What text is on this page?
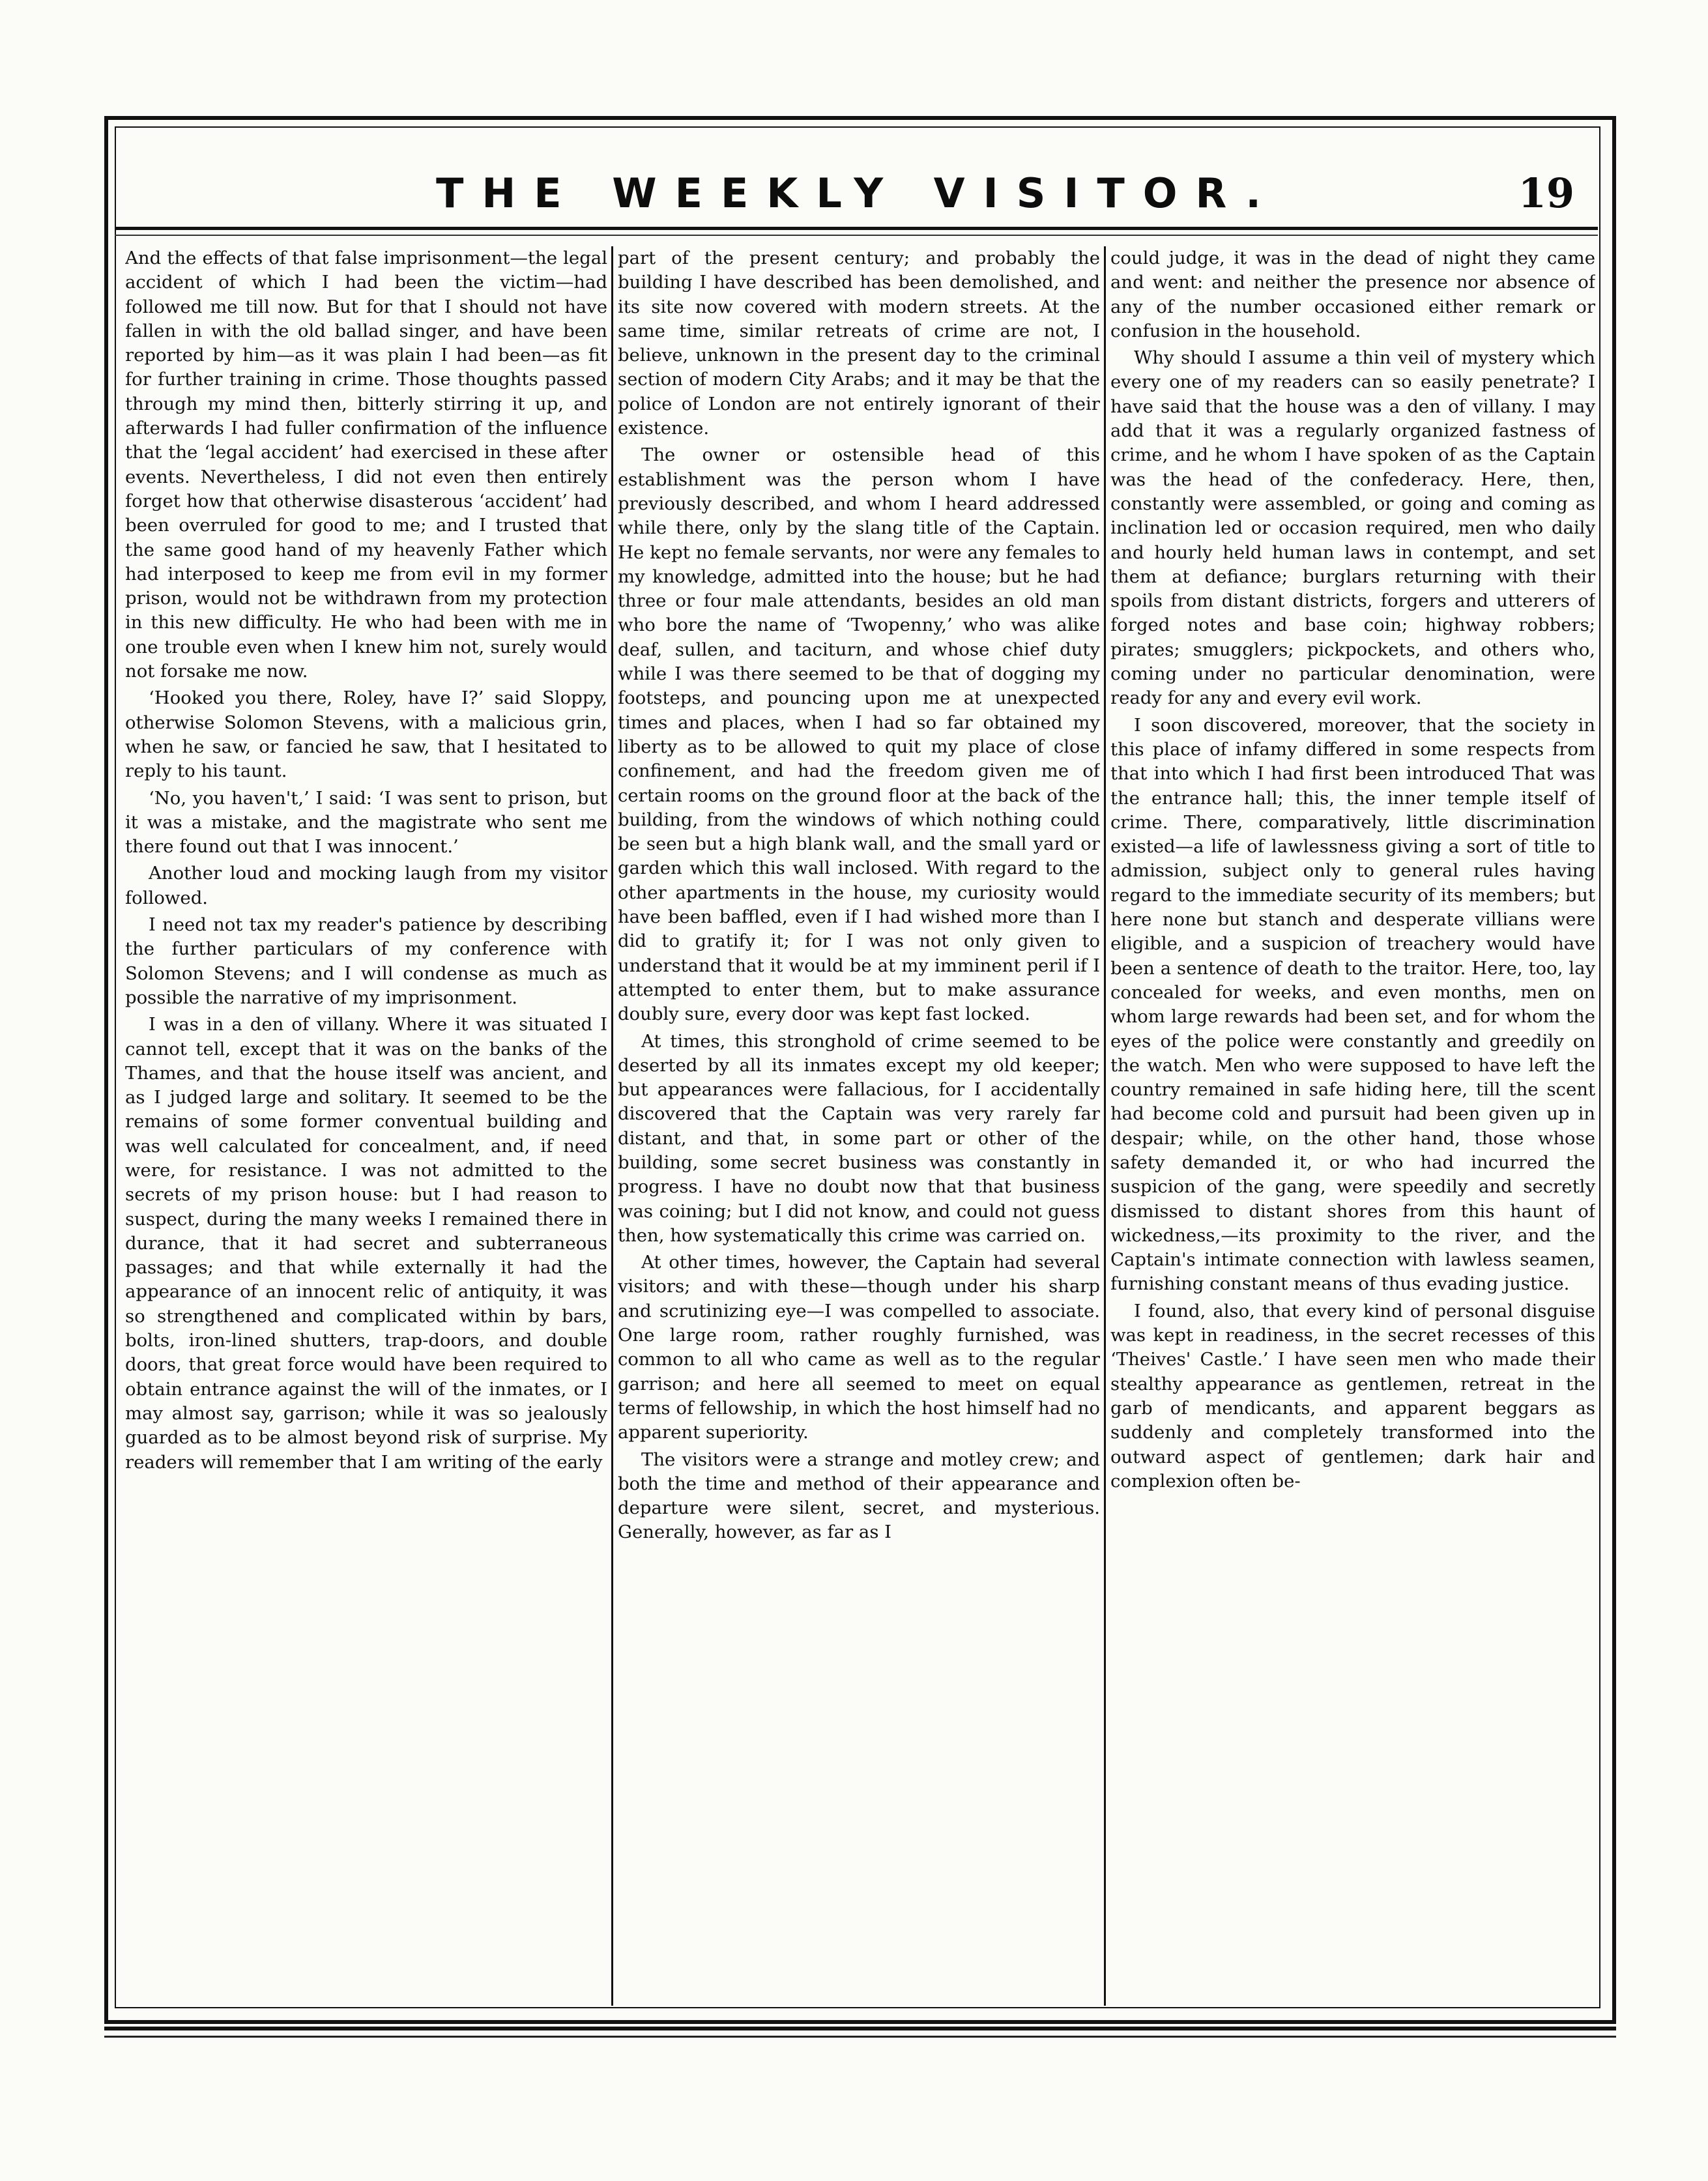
THE WEEKLY VISITOR.	19

And the effects of that false imprisonment—the legal accident of which I had been the victim—had followed me till now. But for that I should not have fallen in with the old ballad singer, and have been reported by him—as it was plain I had been—as fit for further training in crime. Those thoughts passed through my mind then, bitterly stirring it up, and afterwards I had fuller confirmation of the influence that the ‘legal accident’ had exercised in these after events. Nevertheless, I did not even then entirely forget how that otherwise disasterous ‘accident’ had been overruled for good to me; and I trusted that the same good hand of my heavenly Father which had interposed to keep me from evil in my former prison, would not be withdrawn from my protection in this new difficulty. He who had been with me in one trouble even when I knew him not, surely would not forsake me now.

‘Hooked you there, Roley, have I?’ said Sloppy, otherwise Solomon Stevens, with a malicious grin, when he saw, or fancied he saw, that I hesitated to reply to his taunt.

‘No, you haven't,’ I said: ‘I was sent to prison, but it was a mistake, and the magistrate who sent me there found out that I was innocent.’

Another loud and mocking laugh from my visitor followed.

I need not tax my reader's patience by describing the further particulars of my conference with Solomon Stevens; and I will condense as much as possible the narrative of my imprisonment.

I was in a den of villany. Where it was situated I cannot tell, except that it was on the banks of the Thames, and that the house itself was ancient, and as I judged large and solitary. It seemed to be the remains of some former conventual building and was well calculated for concealment, and, if need were, for resistance. I was not admitted to the secrets of my prison house: but I had reason to suspect, during the many weeks I remained there in durance, that it had secret and subterraneous passages; and that while externally it had the appearance of an innocent relic of antiquity, it was so strengthened and complicated within by bars, bolts, iron-lined shutters, trap-doors, and double doors, that great force would have been required to obtain entrance against the will of the inmates, or I may almost say, garrison; while it was so jealously guarded as to be almost beyond risk of surprise. My readers will remember that I am writing of the early

part of the present century; and probably the building I have described has been demolished, and its site now covered with modern streets. At the same time, similar retreats of crime are not, I believe, unknown in the present day to the criminal section of modern City Arabs; and it may be that the police of London are not entirely ignorant of their existence.

The owner or ostensible head of this establishment was the person whom I have previously described, and whom I heard addressed while there, only by the slang title of the Captain. He kept no female servants, nor were any females to my knowledge, admitted into the house; but he had three or four male attendants, besides an old man who bore the name of ‘Twopenny,’ who was alike deaf, sullen, and taciturn, and whose chief duty while I was there seemed to be that of dogging my footsteps, and pouncing upon me at unexpected times and places, when I had so far obtained my liberty as to be allowed to quit my place of close confinement, and had the freedom given me of certain rooms on the ground floor at the back of the building, from the windows of which nothing could be seen but a high blank wall, and the small yard or garden which this wall inclosed. With regard to the other apartments in the house, my curiosity would have been baffled, even if I had wished more than I did to gratify it; for I was not only given to understand that it would be at my imminent peril if I attempted to enter them, but to make assurance doubly sure, every door was kept fast locked.

At times, this stronghold of crime seemed to be deserted by all its inmates except my old keeper; but appearances were fallacious, for I accidentally discovered that the Captain was very rarely far distant, and that, in some part or other of the building, some secret business was constantly in progress. I have no doubt now that that business was coining; but I did not know, and could not guess then, how systematically this crime was carried on.

At other times, however, the Captain had several visitors; and with these—though under his sharp and scrutinizing eye—I was compelled to associate. One large room, rather roughly furnished, was common to all who came as well as to the regular garrison; and here all seemed to meet on equal terms of fellowship, in which the host himself had no apparent superiority.

The visitors were a strange and motley crew; and both the time and method of their appearance and departure were silent, secret, and mysterious. Generally, however, as far as I

could judge, it was in the dead of night they came and went: and neither the presence nor absence of any of the number occasioned either remark or confusion in the household.

Why should I assume a thin veil of mystery which every one of my readers can so easily penetrate? I have said that the house was a den of villany. I may add that it was a regularly organized fastness of crime, and he whom I have spoken of as the Captain was the head of the confederacy. Here, then, constantly were assembled, or going and coming as inclination led or occasion required, men who daily and hourly held human laws in contempt, and set them at defiance; burglars returning with their spoils from distant districts, forgers and utterers of forged notes and base coin; highway robbers; pirates; smugglers; pickpockets, and others who, coming under no particular denomination, were ready for any and every evil work.

I soon discovered, moreover, that the society in this place of infamy differed in some respects from that into which I had first been introduced That was the entrance hall; this, the inner temple itself of crime. There, comparatively, little discrimination existed—a life of lawlessness giving a sort of title to admission, subject only to general rules having regard to the immediate security of its members; but here none but stanch and desperate villians were eligible, and a suspicion of treachery would have been a sentence of death to the traitor. Here, too, lay concealed for weeks, and even months, men on whom large rewards had been set, and for whom the eyes of the police were constantly and greedily on the watch. Men who were supposed to have left the country remained in safe hiding here, till the scent had become cold and pursuit had been given up in despair; while, on the other hand, those whose safety demanded it, or who had incurred the suspicion of the gang, were speedily and secretly dismissed to distant shores from this haunt of wickedness,—its proximity to the river, and the Captain's intimate connection with lawless seamen, furnishing constant means of thus evading justice.

I found, also, that every kind of personal disguise was kept in readiness, in the secret recesses of this ‘Theives' Castle.’ I have seen men who made their stealthy appearance as gentlemen, retreat in the garb of mendicants, and apparent beggars as suddenly and completely transformed into the outward aspect of gentlemen; dark hair and complexion often be-
